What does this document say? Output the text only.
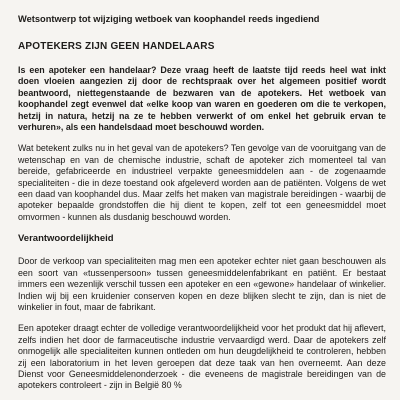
Wetsontwerp tot wijziging wetboek van koophandel reeds ingediend
APOTEKERS ZIJN GEEN HANDELAARS

Is een apoteker een handelaar? Deze vraag heeft de laatste tijd reeds heel wat inkt doen vloeien aangezien zij door de rechtspraak over het algemeen positief wordt beantwoord, niettegenstaande de bezwaren van de apotekers. Het wetboek van koophandel zegt evenwel dat «elke koop van waren en goederen om die te verkopen, hetzij in natura, hetzij na ze te hebben verwerkt of om enkel het gebruik ervan te verhuren», als een handelsdaad moet beschouwd worden.

Wat betekent zulks nu in het geval van de apotekers? Ten gevolge van de vooruitgang van de wetenschap en van de chemische industrie, schaft de apoteker zich momenteel tal van bereide, gefabriceerde en industrieel verpakte geneesmiddelen aan - de zogenaamde specialiteiten - die in deze toestand ook afgeleverd worden aan de patiënten. Volgens de wet een daad van koophandel dus. Maar zelfs het maken van magistrale bereidingen - waarbij de apoteker bepaalde grondstoffen die hij dient te kopen, zelf tot een geneesmiddel moet omvormen - kunnen als dusdanig beschouwd worden.

Verantwoordelijkheid

Door de verkoop van specialiteiten mag men een apoteker echter niet gaan beschouwen als een soort van «tussenpersoon» tussen geneesmiddelenfabrikant en patiënt. Er bestaat immers een wezenlijk verschil tussen een apoteker en een «gewone» handelaar of winkelier. Indien wij bij een kruidenier conserven kopen en deze blijken slecht te zijn, dan is niet de winkelier in fout, maar de fabrikant.

Een apoteker draagt echter de volledige verantwoordelijkheid voor het produkt dat hij aflevert, zelfs indien het door de farmaceutische industrie vervaardigd werd. Daar de apotekers zelf onmogelijk alle specialiteiten kunnen ontleden om hun deugdelijkheid te controleren, hebben zij een laboratorium in het leven geroepen dat deze taak van hen overneemt. Aan deze Dienst voor Geneesmiddelenonderzoek - die eveneens de magistrale bereidingen van de apotekers controleert - zijn in België 80 %
